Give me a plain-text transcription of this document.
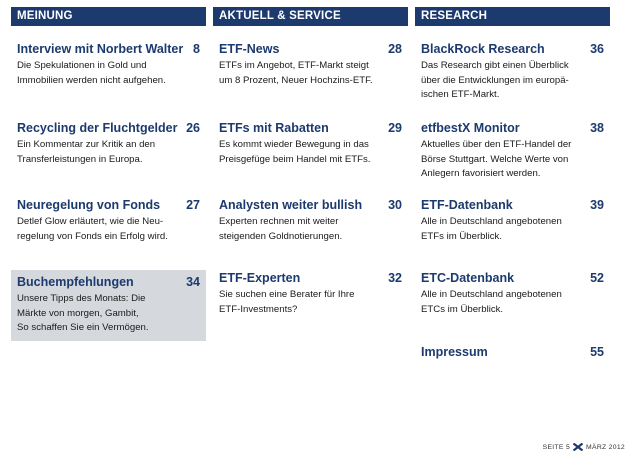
MEINUNG
Interview mit Norbert Walter 8
Die Spekulationen in Gold und
Immobilien werden nicht aufgehen.
Recycling der Fluchtgelder 26
Ein Kommentar zur Kritik an den
Transferleistungen in Europa.
Neuregelung von Fonds 27
Detlef Glow erläutert, wie die Neu-
regelung von Fonds ein Erfolg wird.
Buchempfehlungen	34
Unsere Tipps des Monats: Die
Märkte von morgen, Gambit,
So schaffen Sie ein Vermögen.
AKTUELL & SERVICE
ETF-News	28
ETFs im Angebot, ETF-Markt steigt
um 8 Prozent, Neuer Hochzins-ETF.
ETFs mit Rabatten	29
Es kommt wieder Bewegung in das
Preisgefüge beim Handel mit ETFs.
Analysten weiter bullish 30
Experten rechnen mit weiter
steigenden Goldnotierungen.
ETF-Experten	32
Sie suchen eine Berater für Ihre
ETF-Investments?
RESEARCH
BlackRock Research	36
Das Research gibt einen Überblick
über die Entwicklungen im europä-
ischen ETF-Markt.
etfbestX Monitor	38
Aktuelles über den ETF-Handel der
Börse Stuttgart. Welche Werte von
Anlegern favorisiert werden.
ETF-Datenbank	39
Alle in Deutschland angebotenen
ETFs im Überblick.
ETC-Datenbank	52
Alle in Deutschland angebotenen
ETCs im Überblick.
Impressum	55
SEITE 5 MÄRZ 2012
